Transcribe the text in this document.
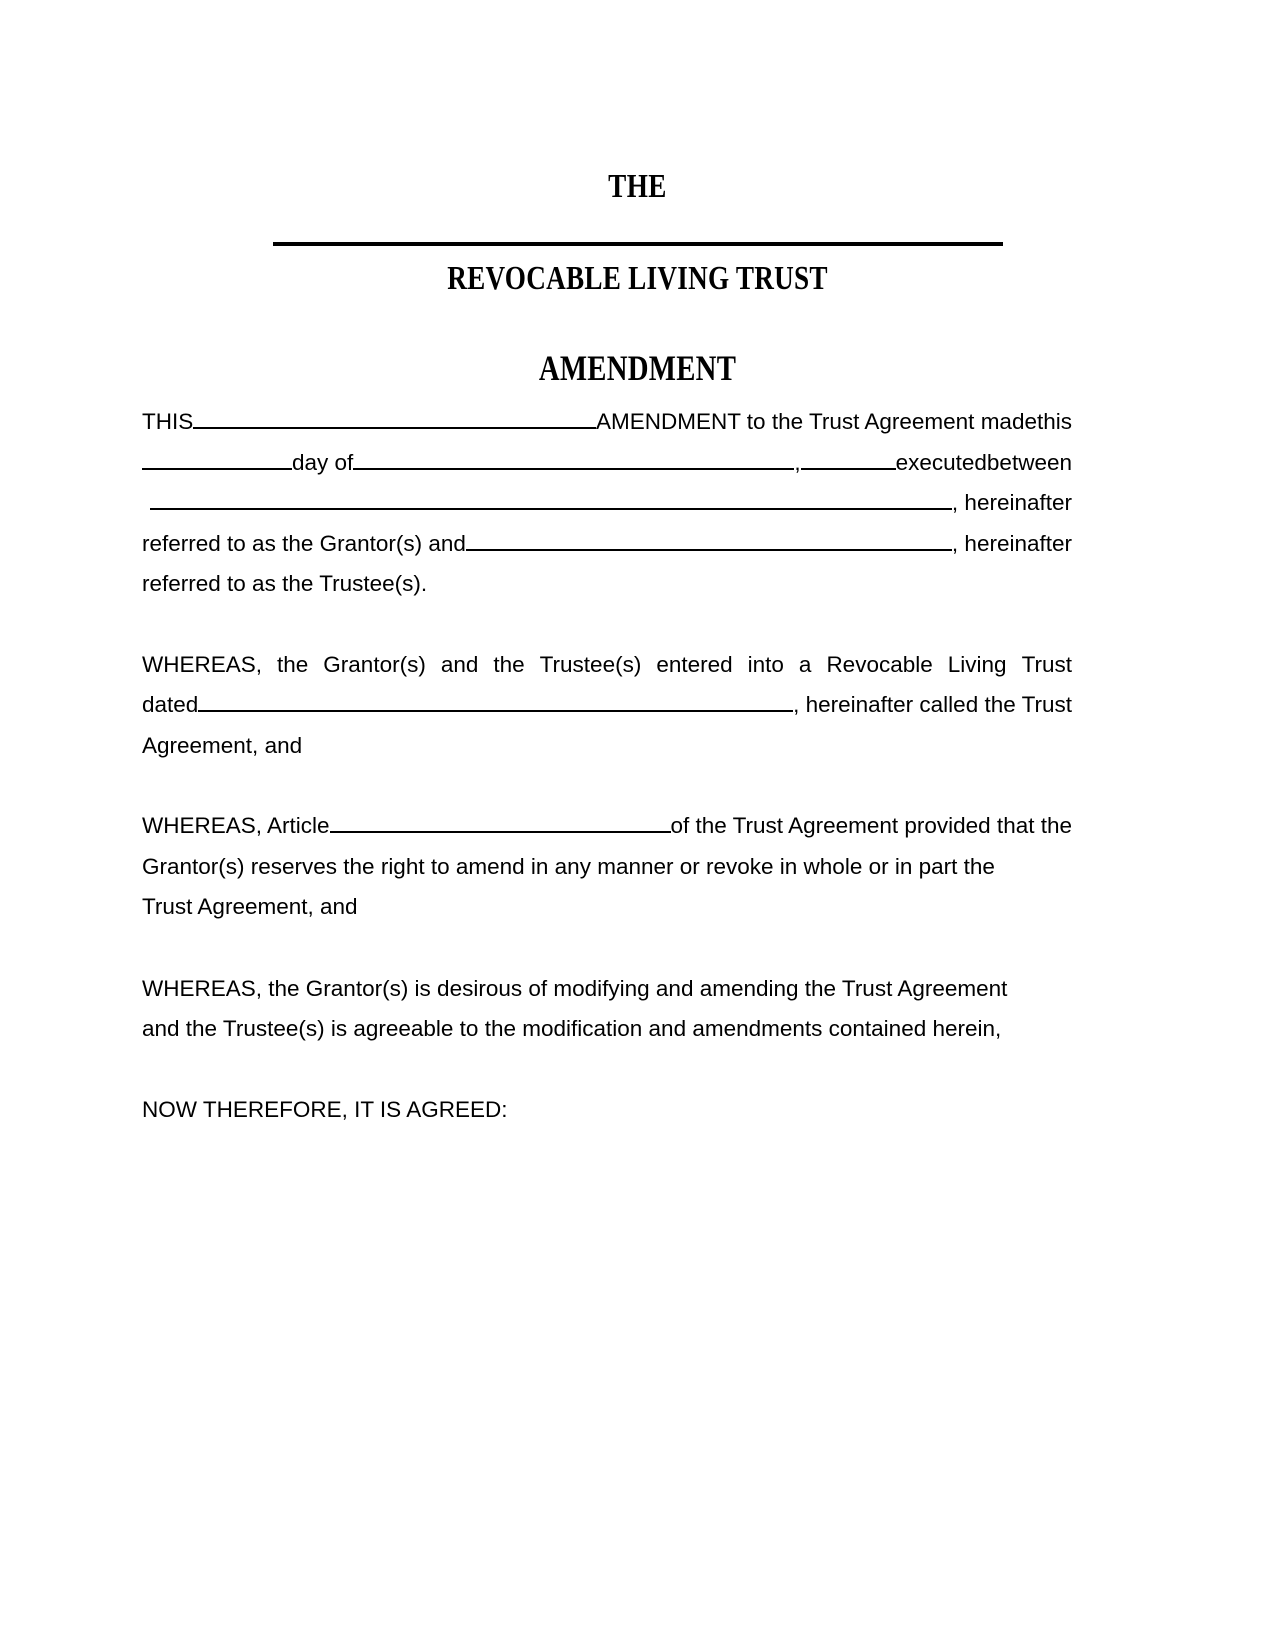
THE
REVOCABLE LIVING TRUST
AMENDMENT
THIS	AMENDMENT to the Trust Agreement made this
day of	,	executed between
, hereinafter
referred to as the Grantor(s) and	, hereinafter
referred to as the Trustee(s).
WHEREAS, the Grantor(s) and the Trustee(s) entered into a Revocable Living Trust
dated	, hereinafter called the Trust
Agreement, and
WHEREAS, Article	of the Trust Agreement provided that the
Grantor(s) reserves the right to amend in any manner or revoke in whole or in part the
Trust Agreement, and
WHEREAS, the Grantor(s) is desirous of modifying and amending the Trust Agreement
and the Trustee(s) is agreeable to the modification and amendments contained herein,
NOW THEREFORE, IT IS AGREED:
